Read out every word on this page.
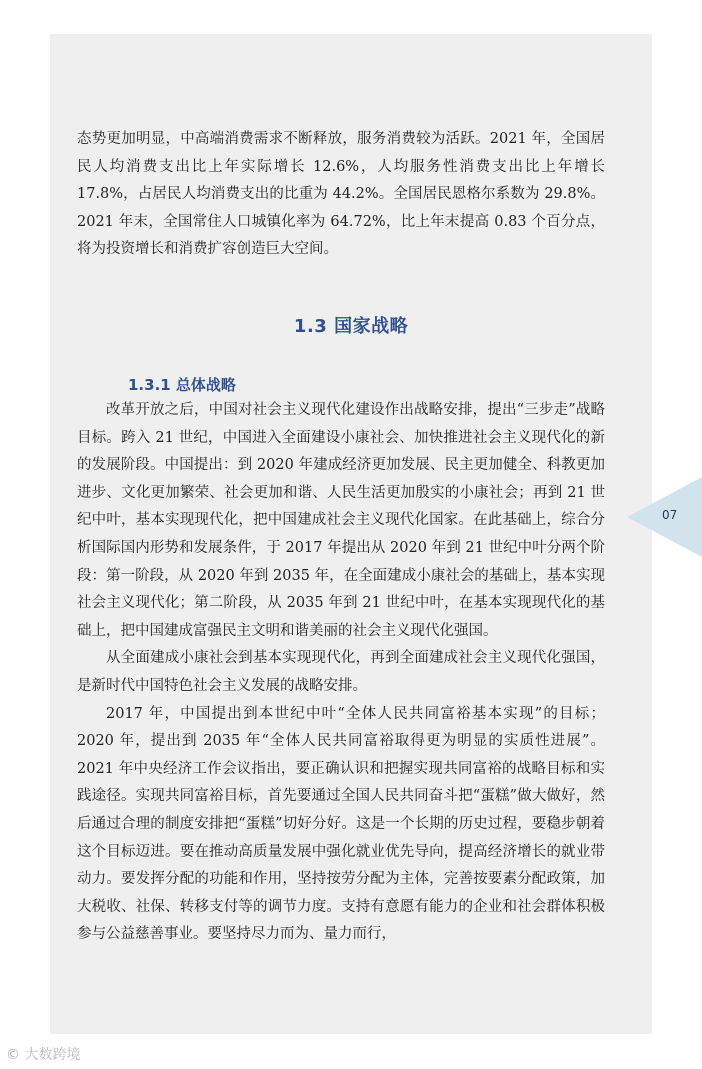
态势更加明显，中高端消费需求不断释放，服务消费较为活跃。2021 年，全国居民人均消费支出比上年实际增长 12.6%，人均服务性消费支出比上年增长 17.8%，占居民人均消费支出的比重为 44.2%。全国居民恩格尔系数为 29.8%。2021 年末，全国常住人口城镇化率为 64.72%，比上年末提高 0.83 个百分点，将为投资增长和消费扩容创造巨大空间。

1.3 国家战略
1.3.1 总体战略

改革开放之后，中国对社会主义现代化建设作出战略安排，提出“三步走”战略目标。跨入 21 世纪，中国进入全面建设小康社会、加快推进社会主义现代化的新的发展阶段。中国提出：到 2020 年建成经济更加发展、民主更加健全、科教更加进步、文化更加繁荣、社会更加和谐、人民生活更加殷实的小康社会；再到 21 世纪中叶，基本实现现代化，把中国建成社会主义现代化国家。在此基础上，综合分析国际国内形势和发展条件，于 2017 年提出从 2020 年到 21 世纪中叶分两个阶段：第一阶段，从 2020 年到 2035 年，在全面建成小康社会的基础上，基本实现社会主义现代化；第二阶段，从 2035 年到 21 世纪中叶，在基本实现现代化的基础上，把中国建成富强民主文明和谐美丽的社会主义现代化强国。

从全面建成小康社会到基本实现现代化，再到全面建成社会主义现代化强国，是新时代中国特色社会主义发展的战略安排。

2017 年，中国提出到本世纪中叶“全体人民共同富裕基本实现”的目标；2020 年，提出到 2035 年“全体人民共同富裕取得更为明显的实质性进展”。2021 年中央经济工作会议指出，要正确认识和把握实现共同富裕的战略目标和实践途径。实现共同富裕目标，首先要通过全国人民共同奋斗把“蛋糕”做大做好，然后通过合理的制度安排把“蛋糕”切好分好。这是一个长期的历史过程，要稳步朝着这个目标迈进。要在推动高质量发展中强化就业优先导向，提高经济增长的就业带动力。要发挥分配的功能和作用，坚持按劳分配为主体，完善按要素分配政策，加大税收、社保、转移支付等的调节力度。支持有意愿有能力的企业和社会群体积极参与公益慈善事业。要坚持尽力而为、量力而行，

07
© 大数跨境
